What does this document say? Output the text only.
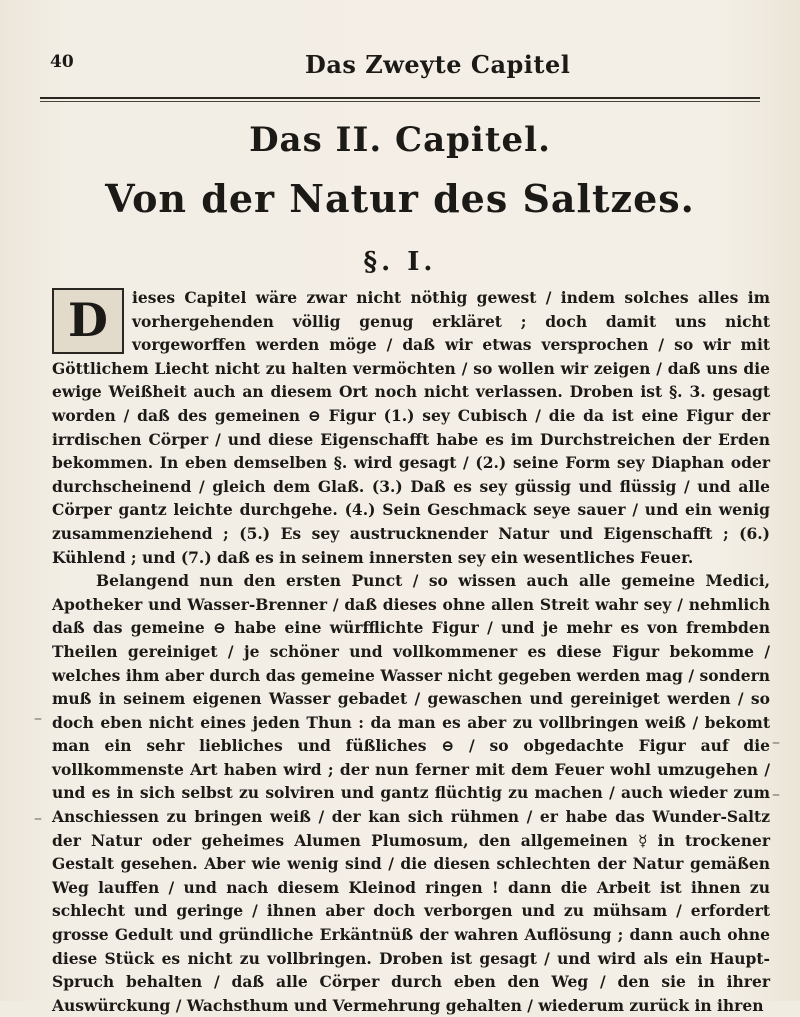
40	Das Zweyte Capitel
Das II. Capitel.
Von der Natur des Saltzes.
§. I.

D	ieses Capitel wäre zwar nicht nöthig gewest / indem solches alles im vorhergehenden völlig genug erkläret ; doch damit uns nicht vorgeworffen werden möge / daß wir etwas versprochen / so wir mit Göttlichem Liecht nicht zu halten vermöchten / so wollen wir zeigen / daß uns die ewige Weißheit auch an diesem Ort noch nicht verlassen. Droben ist §. 3. gesagt worden / daß des gemeinen ⊖ Figur (1.) sey Cubisch / die da ist eine Figur der irrdischen Cörper / und diese Eigenschafft habe es im Durchstreichen der Erden bekommen. In eben demselben §. wird gesagt / (2.) seine Form sey Diaphan oder durchscheinend / gleich dem Glaß. (3.) Daß es sey güssig und flüssig / und alle Cörper gantz leichte durchgehe. (4.) Sein Geschmack seye sauer / und ein wenig zusammenziehend ; (5.) Es sey austrucknender Natur und Eigenschafft ; (6.) Kühlend ; und (7.) daß es in seinem innersten sey ein wesentliches Feuer.

Belangend nun den ersten Punct / so wissen auch alle gemeine Medici, Apotheker und Wasser-Brenner / daß dieses ohne allen Streit wahr sey / nehmlich daß das gemeine ⊖ habe eine würfflichte Figur / und je mehr es von frembden Theilen gereiniget / je schöner und vollkommener es diese Figur bekomme / welches ihm aber durch das gemeine Wasser nicht gegeben werden mag / sondern muß in seinem eigenen Wasser gebadet / gewaschen und gereiniget werden / so doch eben nicht eines jeden Thun : da man es aber zu vollbringen weiß / bekomt man ein sehr liebliches und füßliches ⊖ / so obgedachte Figur auf die vollkommenste Art haben wird ; der nun ferner mit dem Feuer wohl umzugehen / und es in sich selbst zu solviren und gantz flüchtig zu machen / auch wieder zum Anschiessen zu bringen weiß / der kan sich rühmen / er habe das Wunder-Saltz der Natur oder geheimes Alumen Plumosum, den allgemeinen ☿ in trockener Gestalt gesehen. Aber wie wenig sind / die diesen schlechten der Natur gemäßen Weg lauffen / und nach diesem Kleinod ringen ! dann die Arbeit ist ihnen zu schlecht und geringe / ihnen aber doch verborgen und zu mühsam / erfordert grosse Gedult und gründliche Erkäntnüß der wahren Auflösung ; dann auch ohne diese Stück es nicht zu vollbringen. Droben ist gesagt / und wird als ein Haupt-Spruch behalten / daß alle Cörper durch eben den Weg / den sie in ihrer Auswürckung / Wachsthum und Vermehrung gehalten / wiederum zurück in ihren

–
–
–
–
